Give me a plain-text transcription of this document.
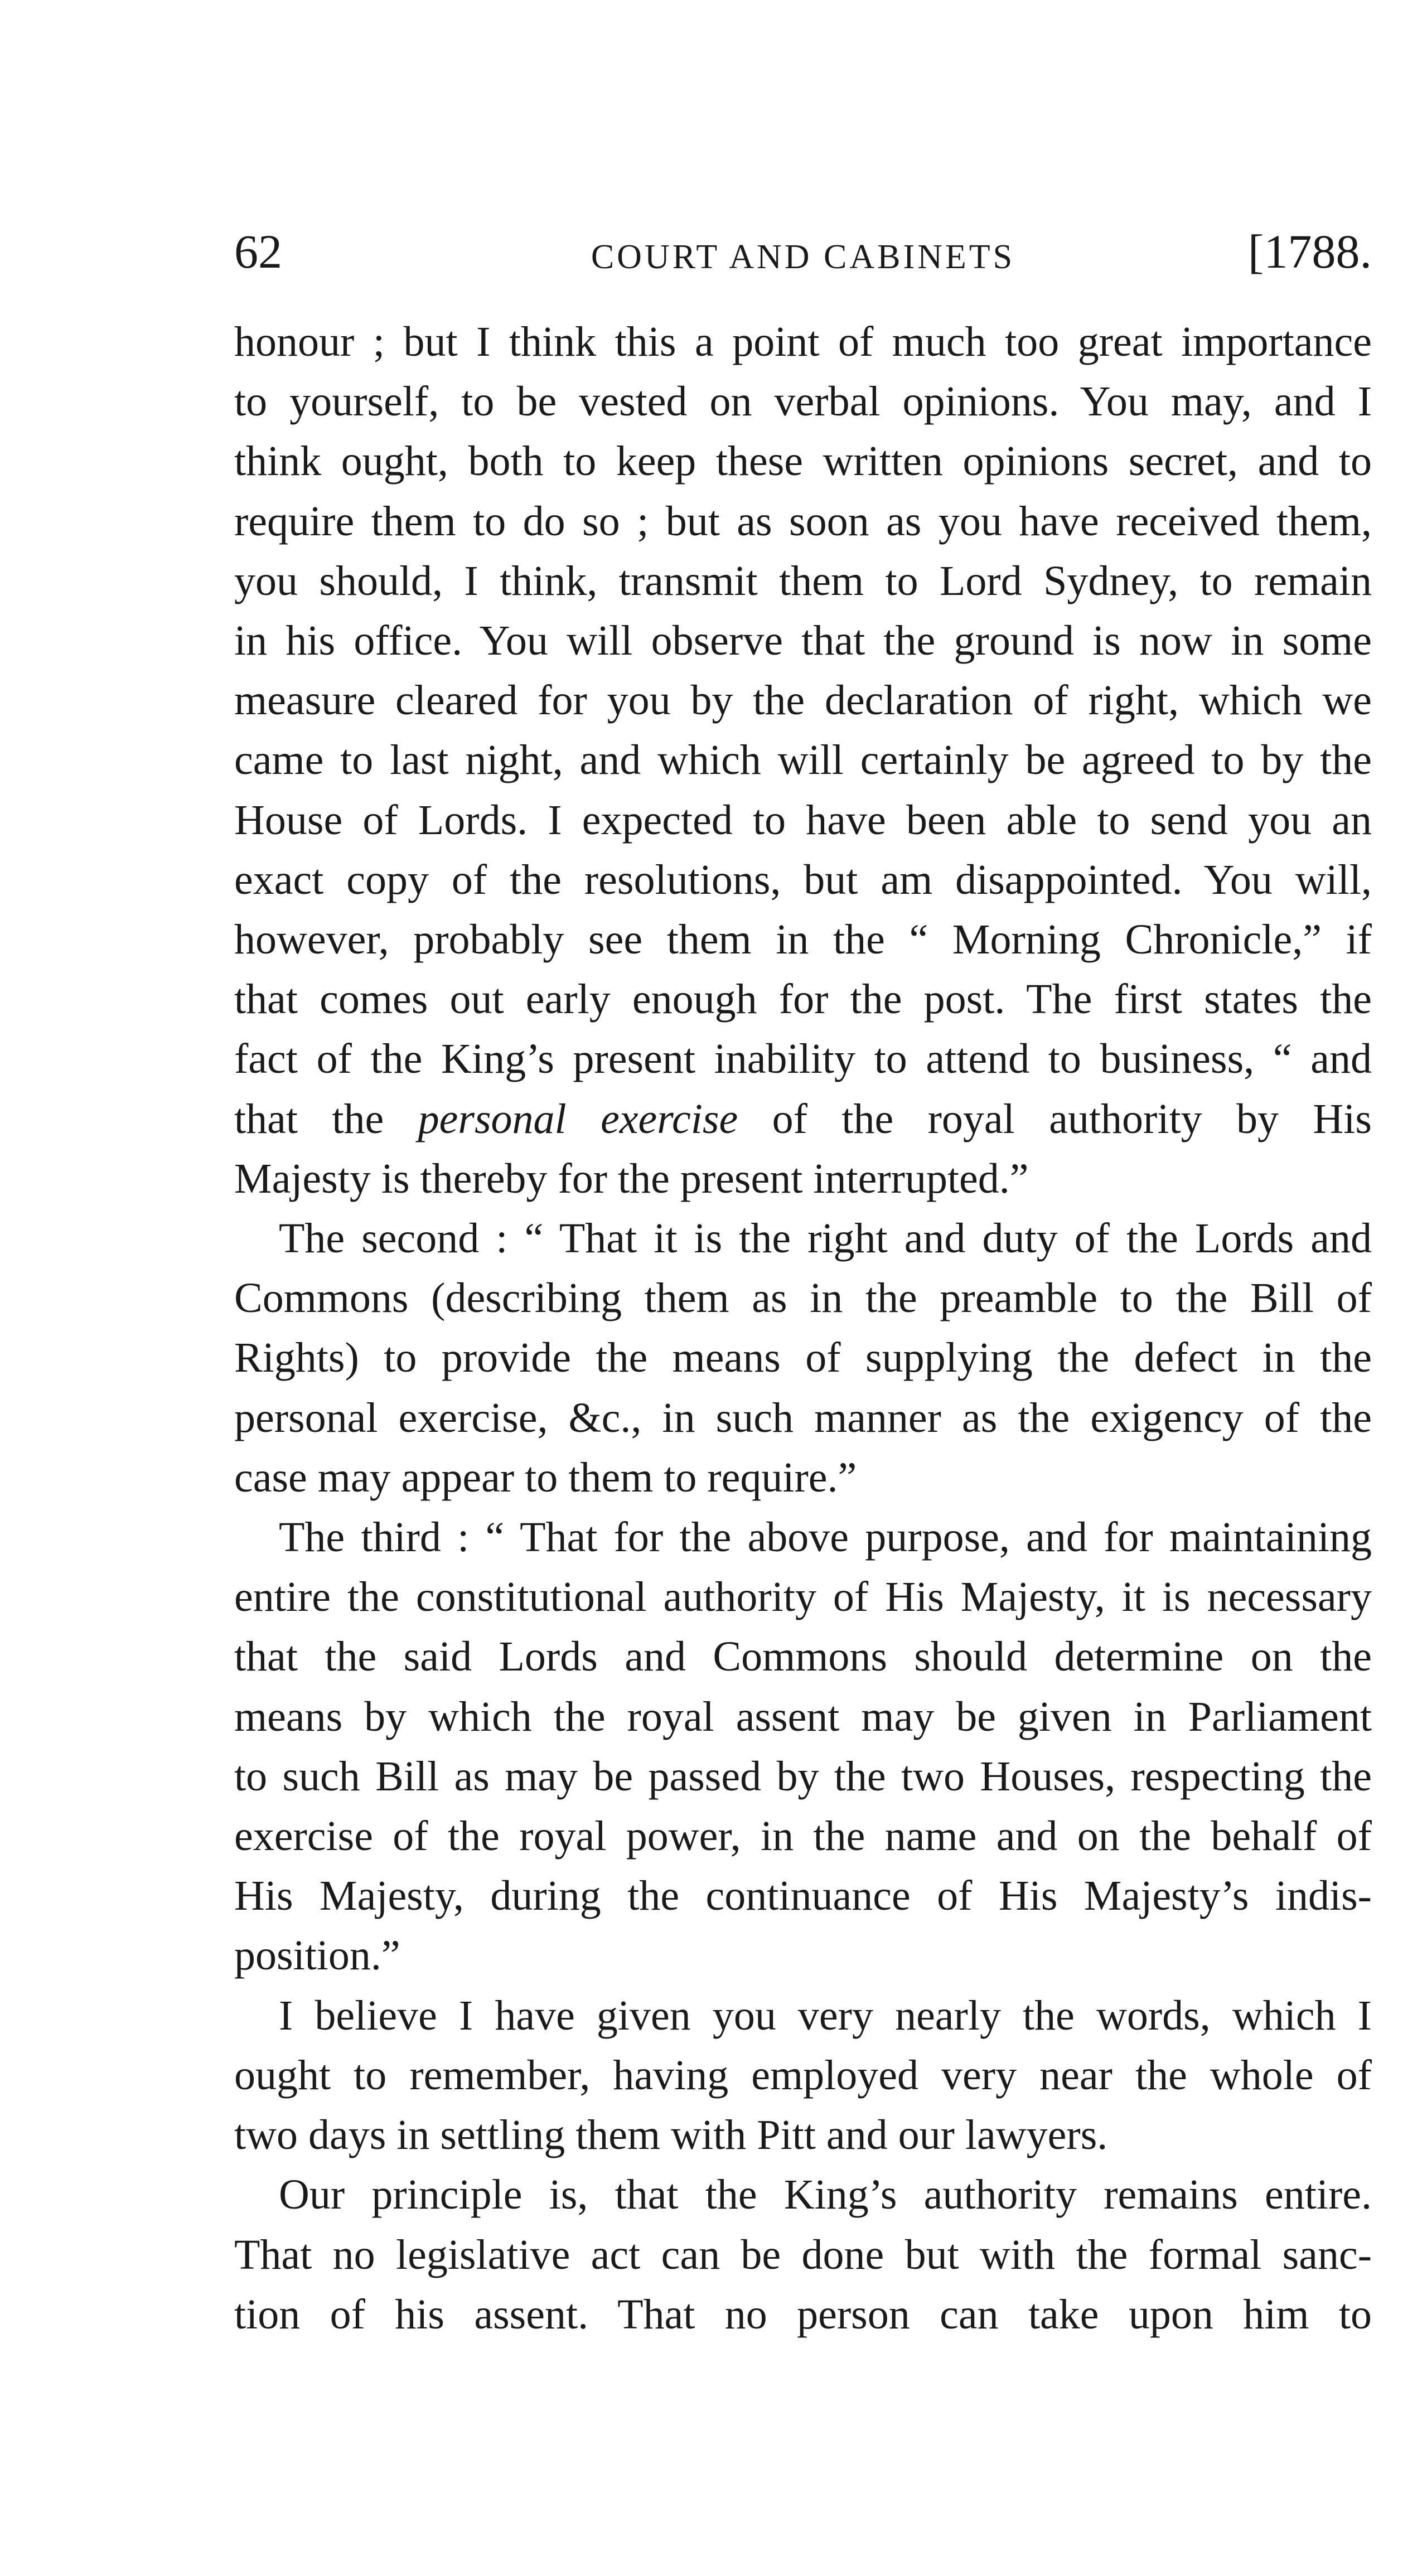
62	COURT AND CABINETS	[1788.
honour ; but I think this a point of much too great importance
to yourself, to be vested on verbal opinions. You may, and I
think ought, both to keep these written opinions secret, and to
require them to do so ; but as soon as you have received them,
you should, I think, transmit them to Lord Sydney, to remain
in his office. You will observe that the ground is now in some
measure cleared for you by the declaration of right, which we
came to last night, and which will certainly be agreed to by the
House of Lords. I expected to have been able to send you an
exact copy of the resolutions, but am disappointed. You will,
however, probably see them in the “ Morning Chronicle,” if
that comes out early enough for the post. The first states the
fact of the King’s present inability to attend to business, “ and
that the personal exercise of the royal authority by His
Majesty is thereby for the present interrupted.”
The second : “ That it is the right and duty of the Lords and
Commons (describing them as in the preamble to the Bill of
Rights) to provide the means of supplying the defect in the
personal exercise, &c., in such manner as the exigency of the
case may appear to them to require.”
The third : “ That for the above purpose, and for maintaining
entire the constitutional authority of His Majesty, it is necessary
that the said Lords and Commons should determine on the
means by which the royal assent may be given in Parliament
to such Bill as may be passed by the two Houses, respecting the
exercise of the royal power, in the name and on the behalf of
His Majesty, during the continuance of His Majesty’s indis-
position.”
I believe I have given you very nearly the words, which I
ought to remember, having employed very near the whole of
two days in settling them with Pitt and our lawyers.
Our principle is, that the King’s authority remains entire.
That no legislative act can be done but with the formal sanc-
tion of his assent. That no person can take upon him to
